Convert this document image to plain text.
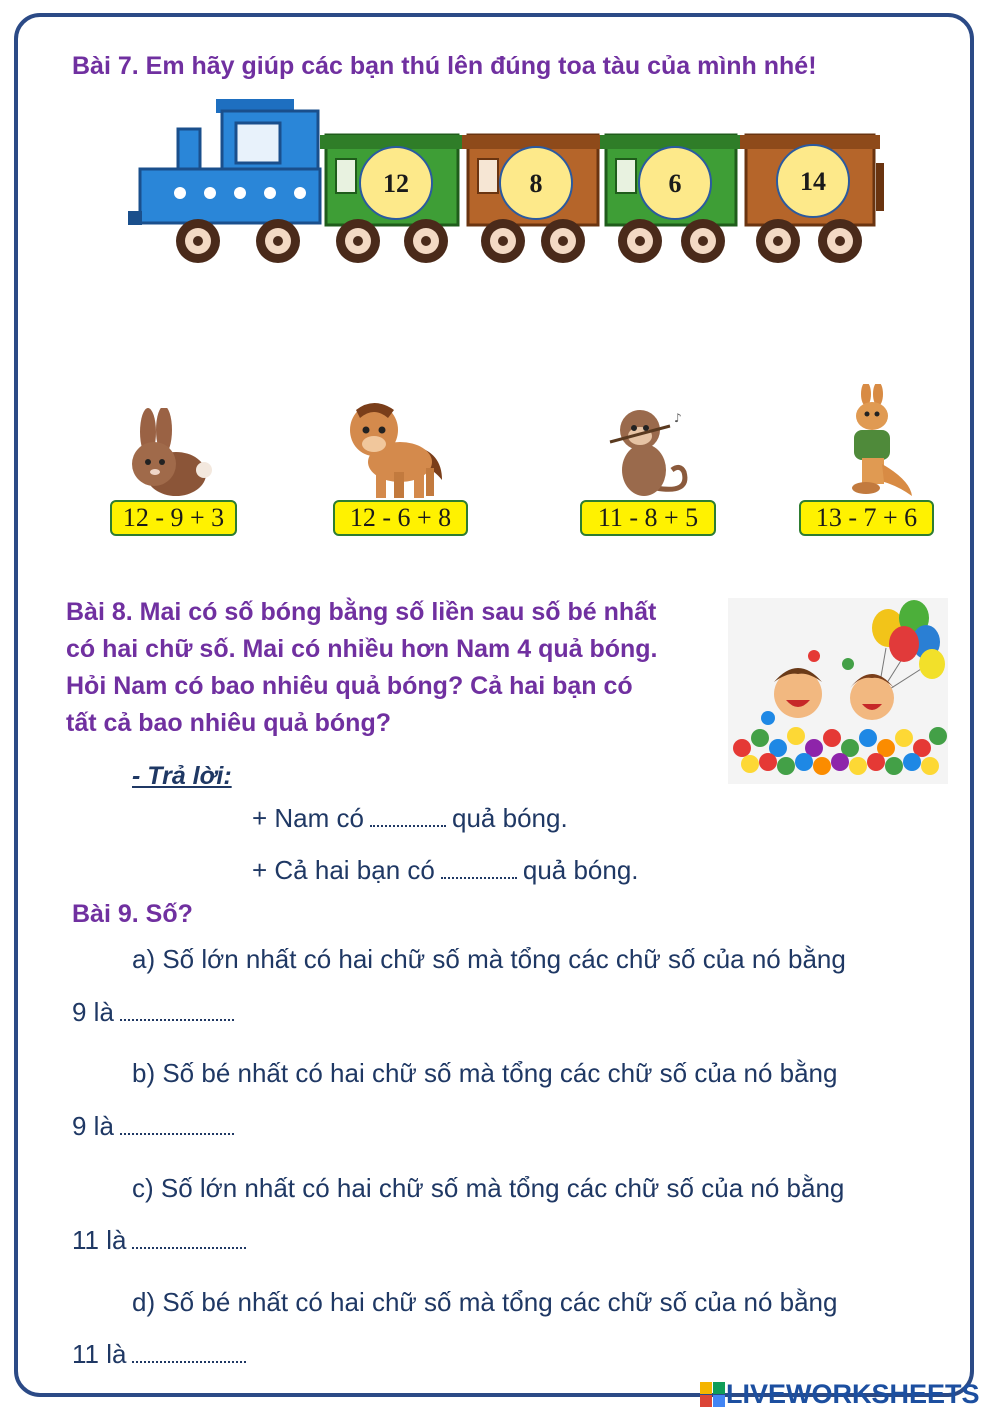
Bài 7. Em hãy giúp các bạn thú lên đúng toa tàu của mình nhé!
12	8	6	14
♪
12 - 9 + 3	12 - 6 + 8	11 - 8 + 5	13 - 7 + 6
Bài 8. Mai có số bóng bằng số liền sau số bé nhất
có hai chữ số. Mai có nhiều hơn Nam 4 quả bóng.
Hỏi Nam có bao nhiêu quả bóng? Cả hai bạn có
tất cả bao nhiêu quả bóng?
- Trả lời:
+ Nam có	quả bóng.
+ Cả hai bạn có	quả bóng.
Bài 9. Số?
a) Số lớn nhất có hai chữ số mà tổng các chữ số của nó bằng
9 là
b) Số bé nhất có hai chữ số mà tổng các chữ số của nó bằng
9 là
c) Số lớn nhất có hai chữ số mà tổng các chữ số của nó bằng
11 là
d) Số bé nhất có hai chữ số mà tổng các chữ số của nó bằng
11 là
LIVEWORKSHEETS
